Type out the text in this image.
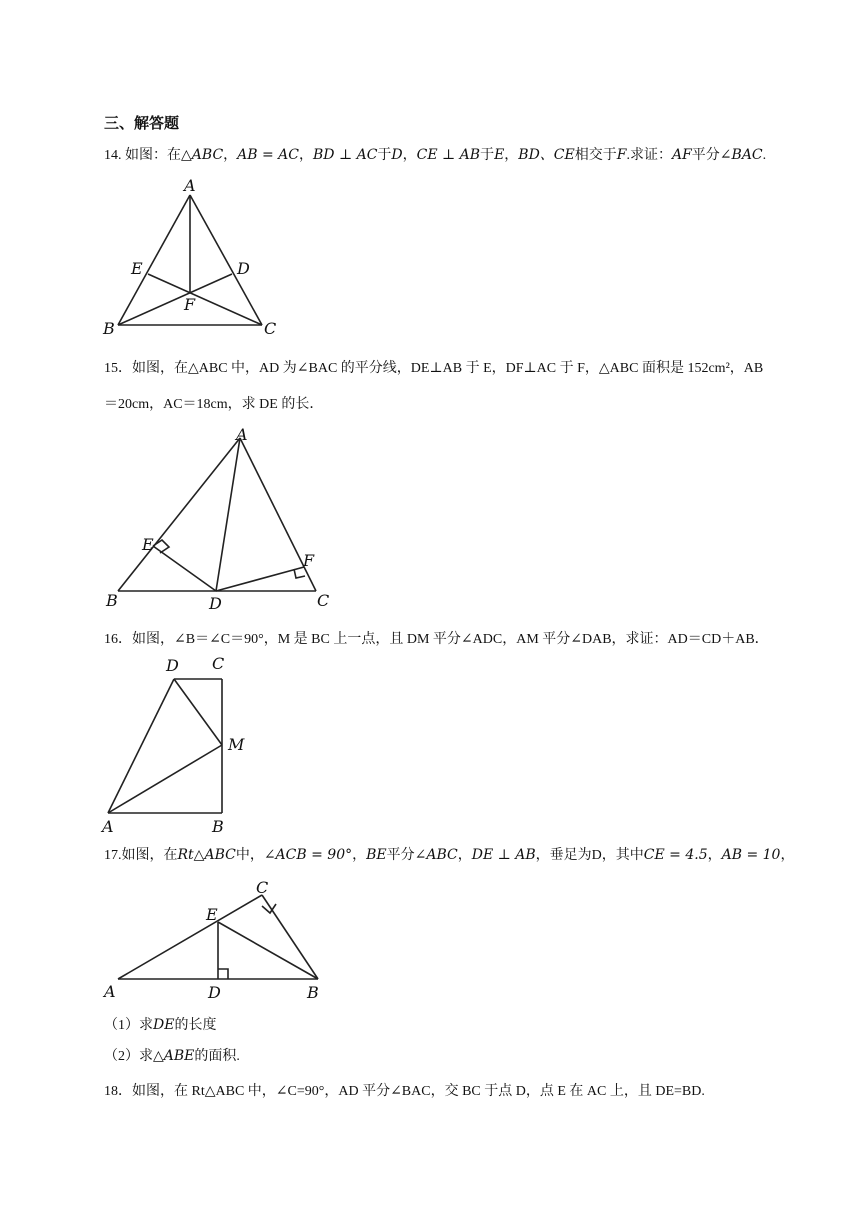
三、解答题
14. 如图：在△ABC，AB = AC，BD ⊥ AC于D，CE ⊥ AB于E，BD、CE相交于F.求证：AF平分∠BAC.
A
B	C
D
E
F
15．如图，在△ABC 中，AD 为∠BAC 的平分线，DE⊥AB 于 E，DF⊥AC 于 F，△ABC 面积是 152cm²，AB
＝20cm，AC＝18cm，求 DE 的长．
A
B	C
D
E
F
16．如图，∠B＝∠C＝90°，M 是 BC 上一点，且 DM 平分∠ADC，AM 平分∠DAB，求证：AD＝CD＋AB．
D C
M
A	B
17.如图，在Rt△ABC中，∠ACB = 90°，BE平分∠ABC，DE ⊥ AB，垂足为D，其中CE = 4.5，AB = 10，
C
E
A	D	B
（1）求DE的长度
（2）求△ABE的面积.
18．如图，在 Rt△ABC 中，∠C=90°，AD 平分∠BAC，交 BC 于点 D，点 E 在 AC 上，且 DE=BD.
